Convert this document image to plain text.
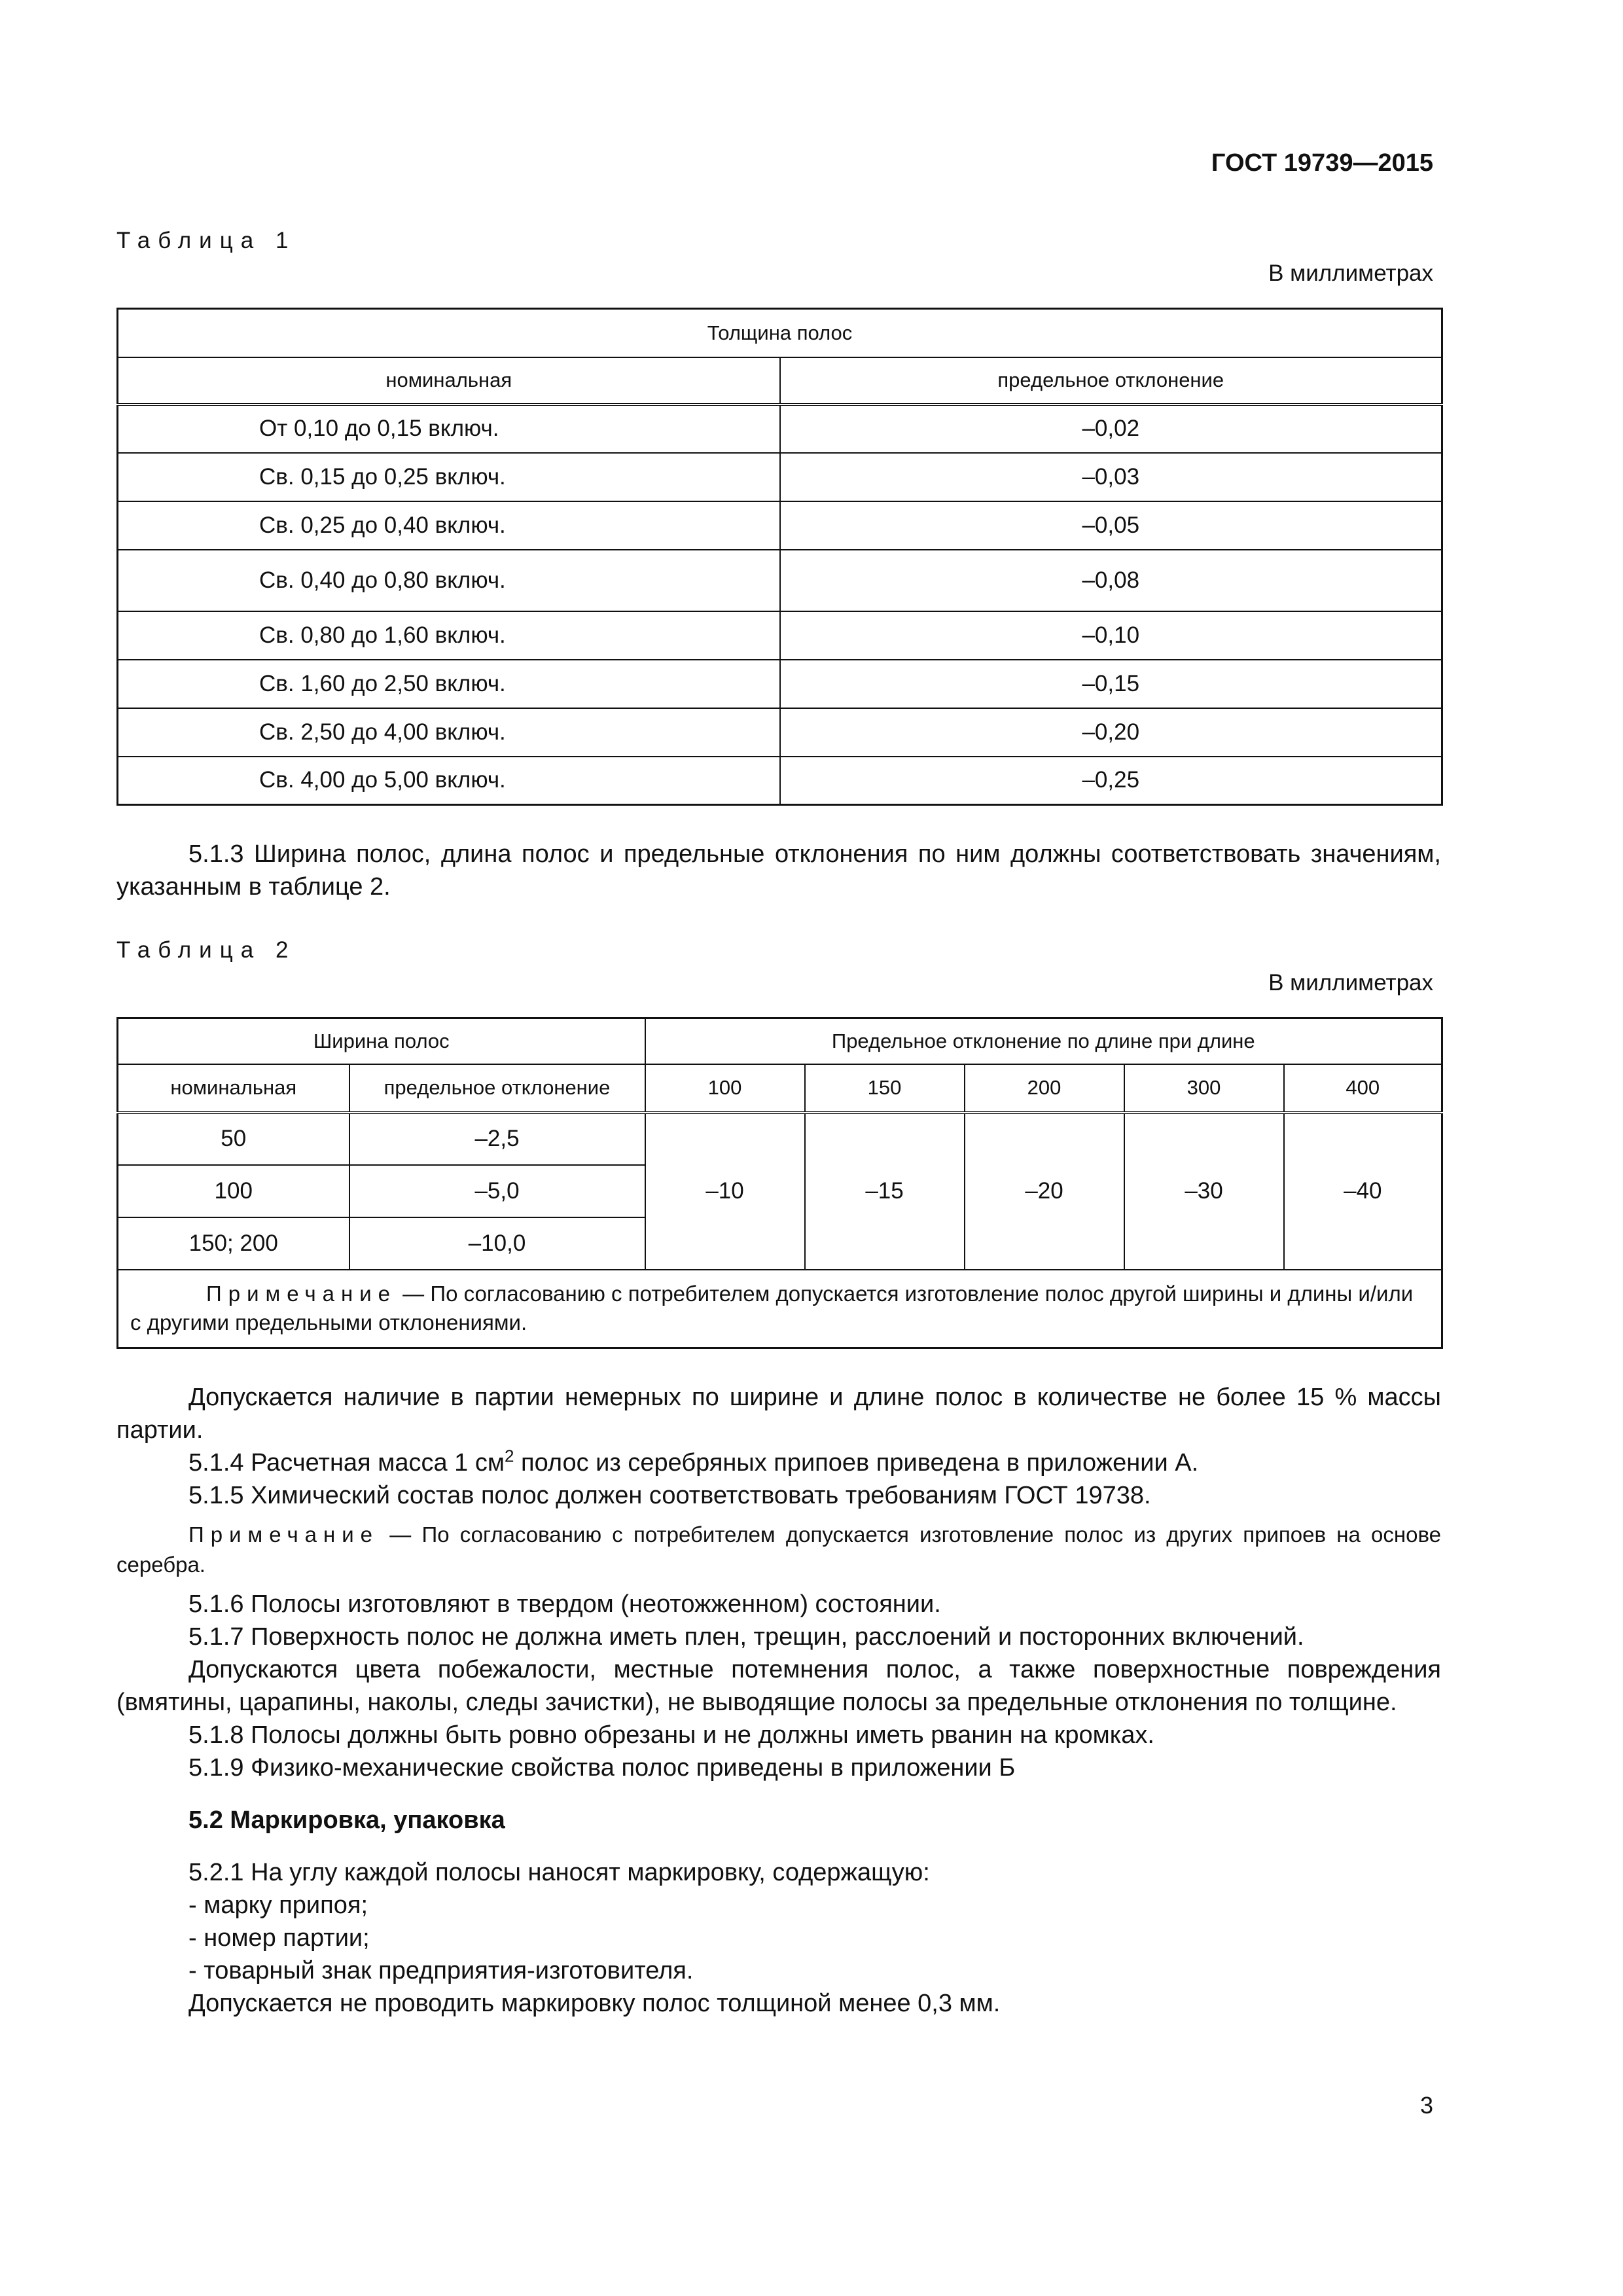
ГОСТ 19739—2015
Таблица 1
В миллиметрах
Толщина полос	
номинальная	предельное отклонение
От 0,10 до 0,15 включ.	–0,02
Св. 0,15 до 0,25 включ.	–0,03
Св. 0,25 до 0,40 включ.	–0,05
Св. 0,40 до 0,80 включ.	–0,08
Св. 0,80 до 1,60 включ.	–0,10
Св. 1,60 до 2,50 включ.	–0,15
Св. 2,50 до 4,00 включ.	–0,20
Св. 4,00 до 5,00 включ.	–0,25

5.1.3 Ширина полос, длина полос и предельные отклонения по ним должны соответствовать значениям, указанным в таблице 2.

Таблица 2
В миллиметрах
Ширина полос		Предельное отклонение по длине при длине				
номинальная	предельное отклонение	100	150	200	300	400
50	–2,5	–10	–15	–20	–30	–40
100	–5,0					
150; 200	–10,0					
Примечание — По согласованию с потребителем допускается изготовление полос другой ширины и длины и/или с другими предельными отклонениями.						

Допускается наличие в партии немерных по ширине и длине полос в количестве не более 15 % массы партии.

5.1.4 Расчетная масса 1 $см^2$ полос из серебряных припоев приведена в приложении А.

5.1.5 Химический состав полос должен соответствовать требованиям ГОСТ 19738.

Примечание — По согласованию с потребителем допускается изготовление полос из других припоев на основе серебра.

5.1.6 Полосы изготовляют в твердом (неотожженном) состоянии.

5.1.7 Поверхность полос не должна иметь плен, трещин, расслоений и посторонних включений.

Допускаются цвета побежалости, местные потемнения полос, а также поверхностные повреждения (вмятины, царапины, наколы, следы зачистки), не выводящие полосы за предельные отклонения по толщине.

5.1.8 Полосы должны быть ровно обрезаны и не должны иметь рванин на кромках.

5.1.9 Физико-механические свойства полос приведены в приложении Б

5.2 Маркировка, упаковка

5.2.1 На углу каждой полосы наносят маркировку, содержащую:

- марку припоя;

- номер партии;

- товарный знак предприятия-изготовителя.

Допускается не проводить маркировку полос толщиной менее 0,3 мм.

3
